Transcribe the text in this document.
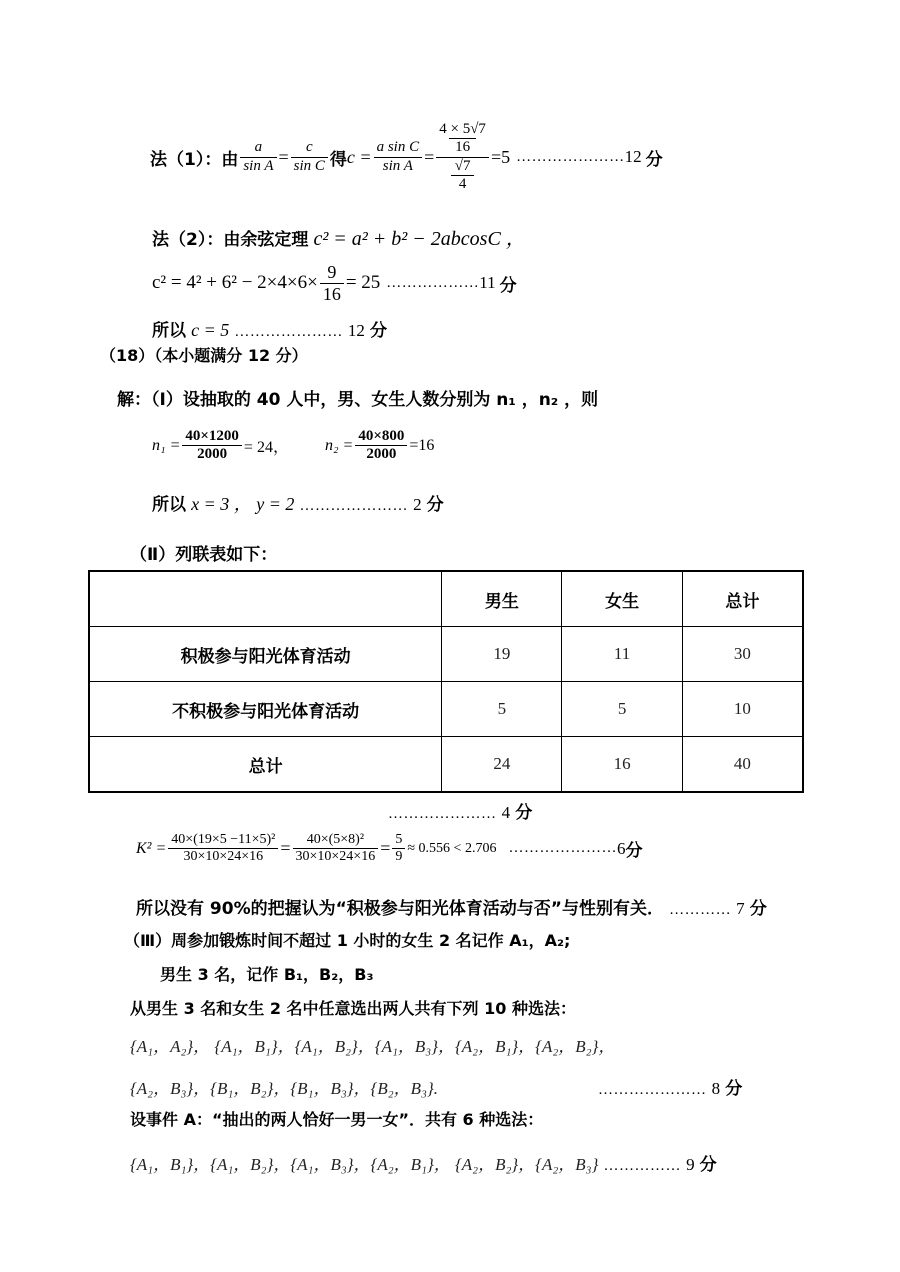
法（1）：由 $\frac{a}{\text{sin A}} = \frac{c}{\text{sin C}}$ 得 $c = \frac{\text{a sin C}}{\text{sin A}} = 4 \times 5√7$
16
√7
4 =5 ………………… 12 分
法（2）：由余弦定理 c² = a² + b² − 2abcosC ，
$c^2 = 4^2 + 6^2 - 2\times 4\times 6\times \frac{9}{16} = 25$ ……………… 11 分
所以 c = 5 ………………… 12 分
（18）（本小题满分 12 分）
解：（Ⅰ）设抽取的 40 人中，男、女生人数分别为 n₁ ，n₂ ，则
$n_1 = \frac{40\times 1200}{2000} = 24$， $n_2 = \frac{40\times 800}{2000} =16$
所以 x = 3 ， y = 2 ………………… 2 分
（Ⅱ）列联表如下：
	男生	女生	总计
积极参与阳光体育活动	19	11	30
不积极参与阳光体育活动	5	5	10
总计	24	16	40
………………… 4 分
$K^2 = \frac{\text{40×(19×5 −11×5)²}}{30\times 10\times 24\times 16} = \frac{\text{40×(5×8)²}}{30\times 10\times 24\times 16} = \frac{5}{9} \approx 0.556 < 2.706$ ………………… 6 分
所以没有 90%的把握认为“积极参与阳光体育活动与否”与性别有关． ………… 7 分
（Ⅲ）周参加锻炼时间不超过 1 小时的女生 2 名记作 A₁，A₂;
男生 3 名，记作 B₁，B₂，B₃
从男生 3 名和女生 2 名中任意选出两人共有下列 10 种选法：
{A₁，A₂}， {A₁，B₁}，{A₁，B₂}，{A₁，B₃}，{A₂，B₁}，{A₂，B₂}，
{A₂，B₃}，{B₁，B₂}，{B₁，B₃}，{B₂，B₃}.	………………… 8 分
设事件 A：“抽出的两人恰好一男一女”．共有 6 种选法：
{A₁，B₁}，{A₁，B₂}，{A₁，B₃}，{A₂，B₁}， {A₂，B₂}，{A₂，B₃} …………… 9 分
